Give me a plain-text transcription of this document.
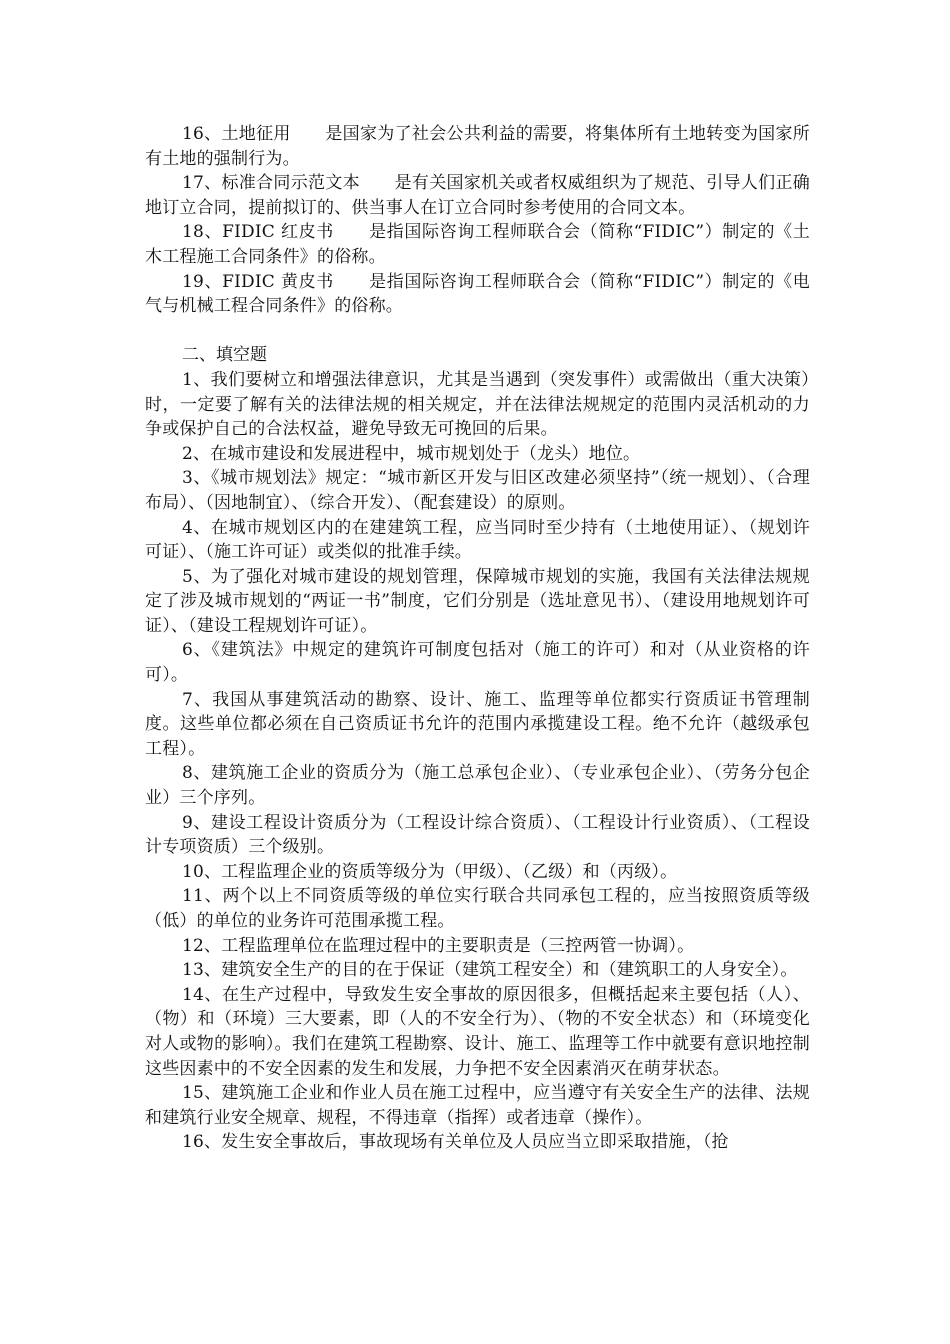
16、土地征用　　是国家为了社会公共利益的需要，将集体所有土地转变为国家所有土地的强制行为。

17、标准合同示范文本　　是有关国家机关或者权威组织为了规范、引导人们正确地订立合同，提前拟订的、供当事人在订立合同时参考使用的合同文本。

18、FIDIC 红皮书　　是指国际咨询工程师联合会（简称“FIDIC”）制定的《土木工程施工合同条件》的俗称。

19、FIDIC 黄皮书　　是指国际咨询工程师联合会（简称“FIDIC”）制定的《电气与机械工程合同条件》的俗称。

二、填空题

1、我们要树立和增强法律意识，尤其是当遇到（突发事件）或需做出（重大决策）时，一定要了解有关的法律法规的相关规定，并在法律法规规定的范围内灵活机动的力争或保护自己的合法权益，避免导致无可挽回的后果。

2、在城市建设和发展进程中，城市规划处于（龙头）地位。

3、《城市规划法》规定：“城市新区开发与旧区改建必须坚持”（统一规划）、（合理布局）、（因地制宜）、（综合开发）、（配套建设）的原则。

4、在城市规划区内的在建建筑工程，应当同时至少持有（土地使用证）、（规划许可证）、（施工许可证）或类似的批准手续。

5、为了强化对城市建设的规划管理，保障城市规划的实施，我国有关法律法规规定了涉及城市规划的“两证一书”制度，它们分别是（选址意见书）、（建设用地规划许可证）、（建设工程规划许可证）。

6、《建筑法》中规定的建筑许可制度包括对（施工的许可）和对（从业资格的许可）。

7、我国从事建筑活动的勘察、设计、施工、监理等单位都实行资质证书管理制度。这些单位都必须在自己资质证书允许的范围内承揽建设工程。绝不允许（越级承包工程）。

8、建筑施工企业的资质分为（施工总承包企业）、（专业承包企业）、（劳务分包企业）三个序列。

9、建设工程设计资质分为（工程设计综合资质）、（工程设计行业资质）、（工程设计专项资质）三个级别。

10、工程监理企业的资质等级分为（甲级）、（乙级）和（丙级）。

11、两个以上不同资质等级的单位实行联合共同承包工程的，应当按照资质等级（低）的单位的业务许可范围承揽工程。

12、工程监理单位在监理过程中的主要职责是（三控两管一协调）。

13、建筑安全生产的目的在于保证（建筑工程安全）和（建筑职工的人身安全）。

14、在生产过程中，导致发生安全事故的原因很多，但概括起来主要包括（人）、（物）和（环境）三大要素，即（人的不安全行为）、（物的不安全状态）和（环境变化对人或物的影响）。我们在建筑工程勘察、设计、施工、监理等工作中就要有意识地控制这些因素中的不安全因素的发生和发展，力争把不安全因素消灭在萌芽状态。

15、建筑施工企业和作业人员在施工过程中，应当遵守有关安全生产的法律、法规和建筑行业安全规章、规程，不得违章（指挥）或者违章（操作）。

16、发生安全事故后，事故现场有关单位及人员应当立即采取措施，（抢
